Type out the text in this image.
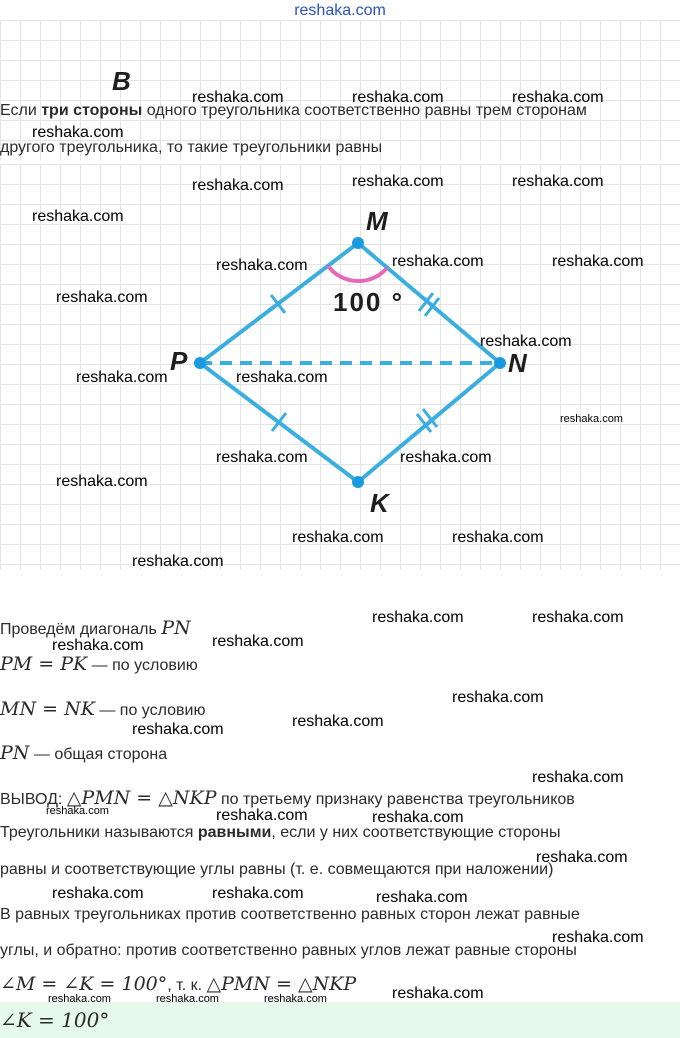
reshaka.com
В
Если три стороны одного треугольника соответственно равны трем сторонам
другого треугольника, то такие треугольники равны
M
P	N
K
100 °
Проведём диагональ PN
PM = PK — по условию
MN = NK — по условию
PN — общая сторона
ВЫВОД: △PMN = △NKP по третьему признаку равенства треугольников
Треугольники называются равными, если у них соответствующие стороны
равны и соответствующие углы равны (т. е. совмещаются при наложении)
В равных треугольниках против соответственно равных сторон лежат равные
углы, и обратно: против соответственно равных углов лежат равные стороны
∠M = ∠K = 100°, т. к. △PMN = △NKP
∠K = 100°
reshaka.com	reshaka.com	reshaka.com
reshaka.com
reshaka.com	reshaka.com	reshaka.com
reshaka.com
reshaka.com	reshaka.com	reshaka.com
reshaka.com
reshaka.com
reshaka.com	reshaka.com
reshaka.com
reshaka.com	reshaka.com
reshaka.com
reshaka.com	reshaka.com
reshaka.com
reshaka.com	reshaka.com
reshaka.com
reshaka.com
reshaka.com
reshaka.com
reshaka.com
reshaka.com
reshaka.com	reshaka.com	reshaka.com
reshaka.com
reshaka.com	reshaka.com	reshaka.com
reshaka.com
reshaka.com	reshaka.com	reshaka.com	reshaka.com
